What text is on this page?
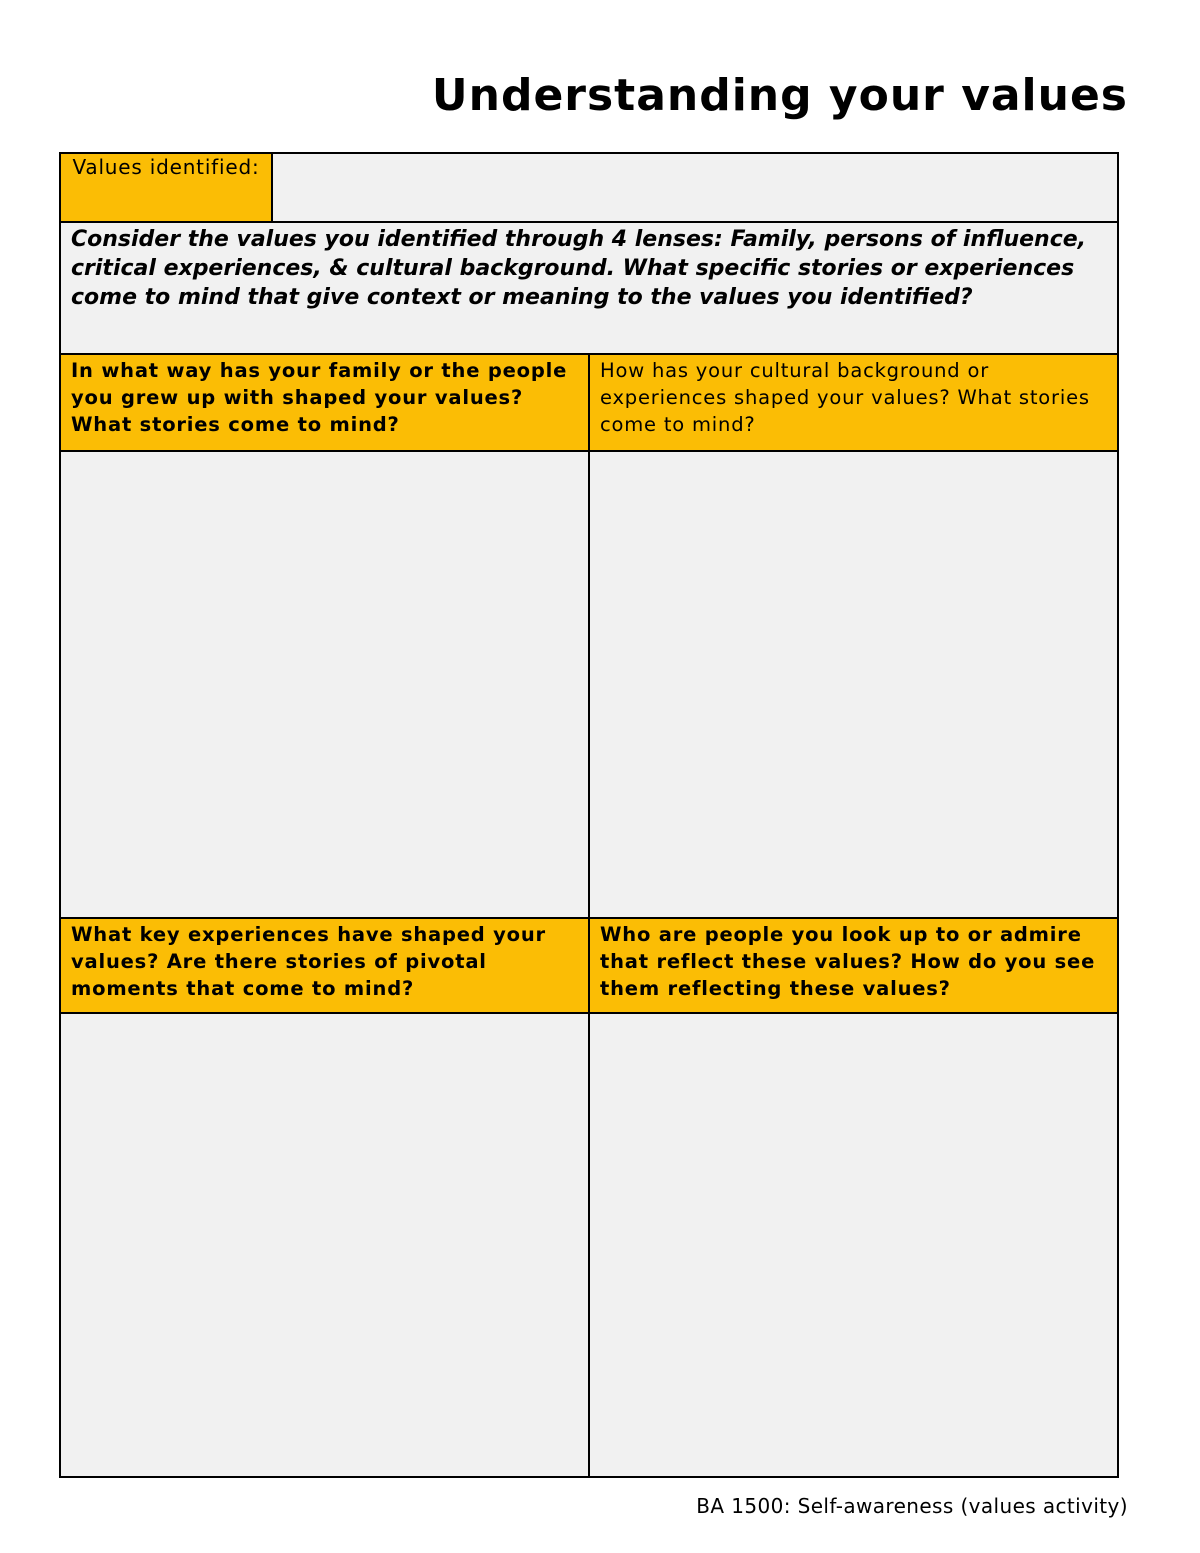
Understanding your values
Values identified:
Consider the values you identified through 4 lenses: Family, persons of influence, critical experiences, & cultural background. What specific stories or experiences come to mind that give context or meaning to the values you identified?
In what way has your family or the people you grew up with shaped your values? What stories come to mind?
How has your cultural background or experiences shaped your values? What stories come to mind?
What key experiences have shaped your values? Are there stories of pivotal moments that come to mind?
Who are people you look up to or admire that reflect these values? How do you see them reflecting these values?
BA 1500: Self-awareness (values activity)
